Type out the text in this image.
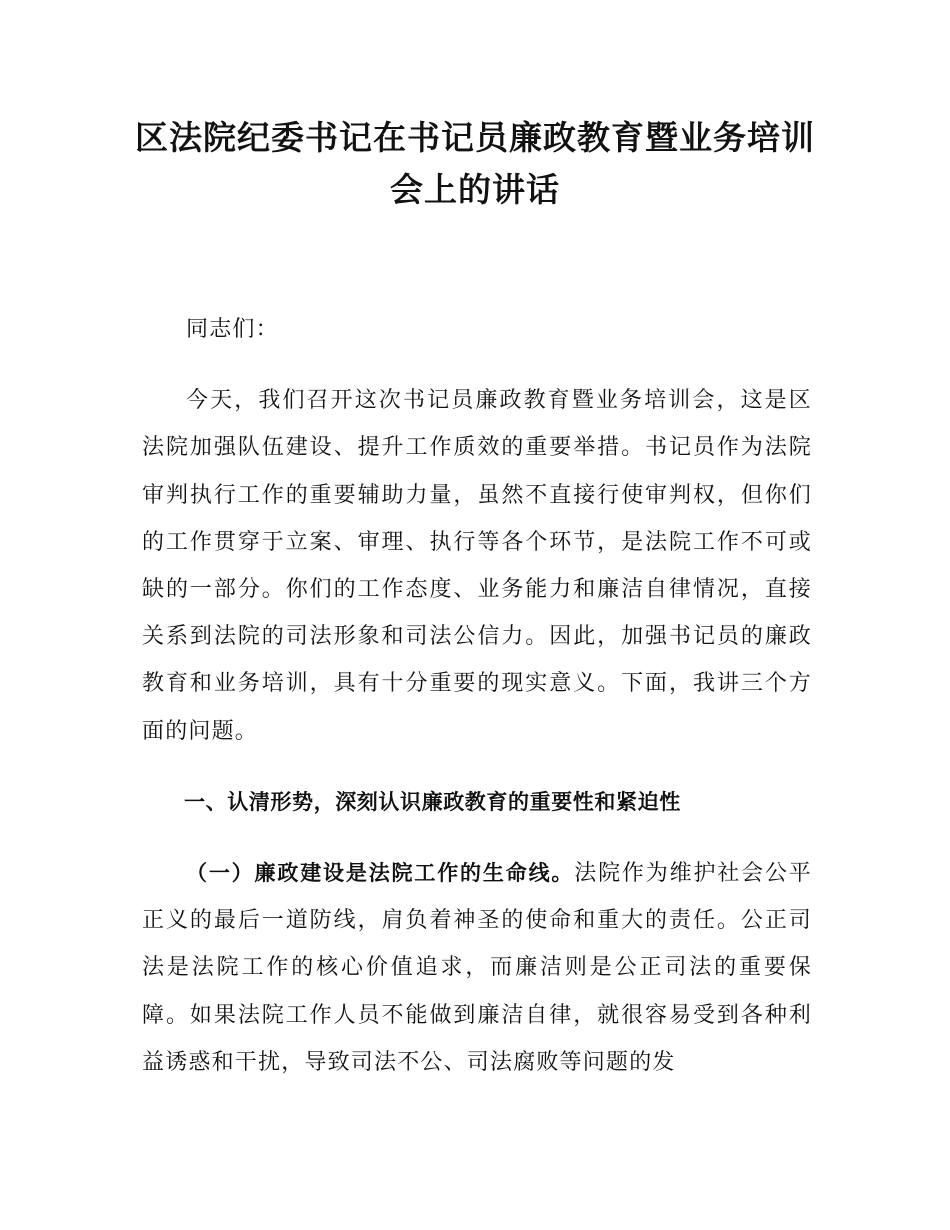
区法院纪委书记在书记员廉政教育暨业务培训会上的讲话

同志们：

今天，我们召开这次书记员廉政教育暨业务培训会，这是区法院加强队伍建设、提升工作质效的重要举措。书记员作为法院审判执行工作的重要辅助力量，虽然不直接行使审判权，但你们的工作贯穿于立案、审理、执行等各个环节，是法院工作不可或缺的一部分。你们的工作态度、业务能力和廉洁自律情况，直接关系到法院的司法形象和司法公信力。因此，加强书记员的廉政教育和业务培训，具有十分重要的现实意义。下面，我讲三个方面的问题。

一、认清形势，深刻认识廉政教育的重要性和紧迫性

（一）廉政建设是法院工作的生命线。法院作为维护社会公平正义的最后一道防线，肩负着神圣的使命和重大的责任。公正司法是法院工作的核心价值追求，而廉洁则是公正司法的重要保障。如果法院工作人员不能做到廉洁自律，就很容易受到各种利益诱惑和干扰，导致司法不公、司法腐败等问题的发
